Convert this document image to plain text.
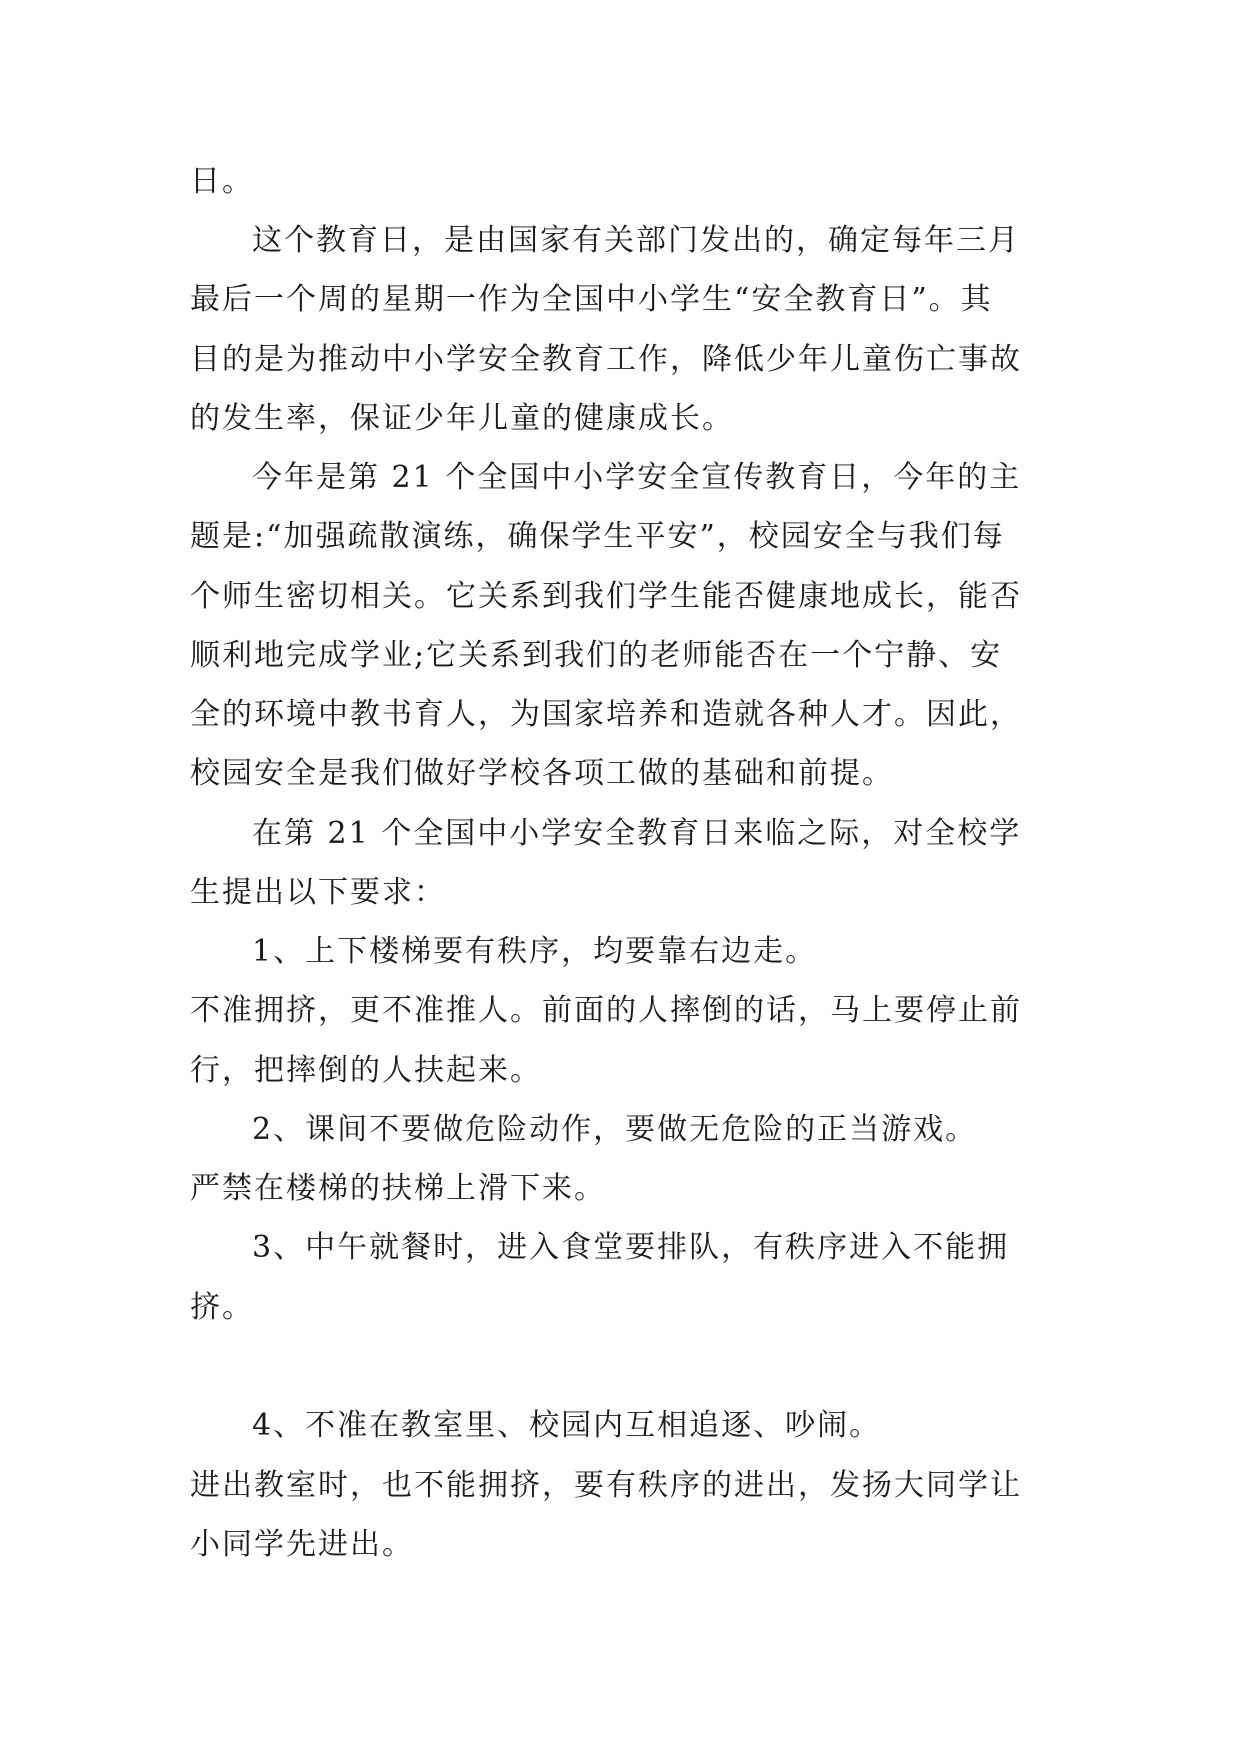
日。
这个教育日，是由国家有关部门发出的，确定每年三月
最后一个周的星期一作为全国中小学生“安全教育日”。其
目的是为推动中小学安全教育工作，降低少年儿童伤亡事故
的发生率，保证少年儿童的健康成长。
今年是第 21 个全国中小学安全宣传教育日，今年的主
题是:“加强疏散演练，确保学生平安”，校园安全与我们每
个师生密切相关。它关系到我们学生能否健康地成长，能否
顺利地完成学业;它关系到我们的老师能否在一个宁静、安
全的环境中教书育人，为国家培养和造就各种人才。因此，
校园安全是我们做好学校各项工做的基础和前提。
在第 21 个全国中小学安全教育日来临之际，对全校学
生提出以下要求：
1、上下楼梯要有秩序，均要靠右边走。
不准拥挤，更不准推人。前面的人摔倒的话，马上要停止前
行，把摔倒的人扶起来。
2、课间不要做危险动作，要做无危险的正当游戏。
严禁在楼梯的扶梯上滑下来。
3、中午就餐时，进入食堂要排队，有秩序进入不能拥
挤。
4、不准在教室里、校园内互相追逐、吵闹。
进出教室时，也不能拥挤，要有秩序的进出，发扬大同学让
小同学先进出。
